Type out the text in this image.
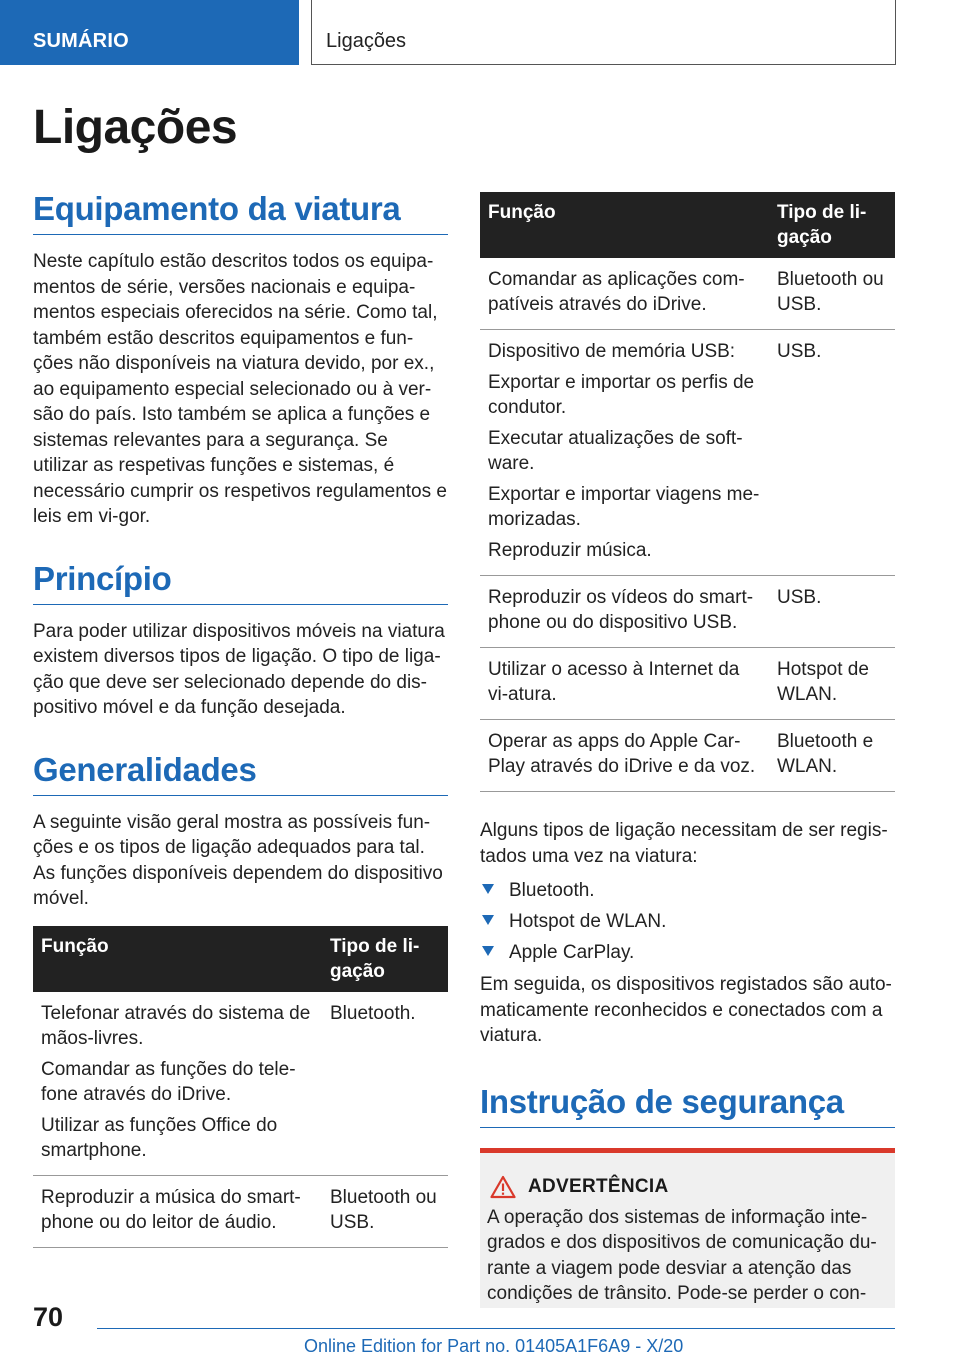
SUMÁRIO	Ligações
Ligações
Equipamento da viatura

Neste capítulo estão descritos todos os equipa-mentos de série, versões nacionais e equipa-mentos especiais oferecidos na série. Como tal, também estão descritos equipamentos e fun-ções não disponíveis na viatura devido, por ex., ao equipamento especial selecionado ou à ver-são do país. Isto também se aplica a funções e sistemas relevantes para a segurança. Se utilizar as respetivas funções e sistemas, é necessário cumprir os respetivos regulamentos e leis em vi-gor.

Princípio

Para poder utilizar dispositivos móveis na viatura existem diversos tipos de ligação. O tipo de liga-ção que deve ser selecionado depende do dis-positivo móvel e da função desejada.

Generalidades

A seguinte visão geral mostra as possíveis fun-ções e os tipos de ligação adequados para tal. As funções disponíveis dependem do dispositivo móvel.

Função	Tipo de li-gação

Telefonar através do sistema de mãos-livres.
Comandar as funções do tele-fone através do iDrive.
Utilizar as funções Office do smartphone.	Bluetooth.

Reproduzir a música do smart-phone ou do leitor de áudio.	Bluetooth ou USB.
Função	Tipo de li-gação

Comandar as aplicações com-patíveis através do iDrive.	Bluetooth ou USB.

Dispositivo de memória USB:
Exportar e importar os perfis de condutor.
Executar atualizações de soft-ware.
Exportar e importar viagens me-morizadas.
Reproduzir música.	USB.

Reproduzir os vídeos do smart-phone ou do dispositivo USB.	USB.

Utilizar o acesso à Internet da vi-atura.	Hotspot de WLAN.

Operar as apps do Apple Car-Play através do iDrive e da voz.	Bluetooth e WLAN.

Alguns tipos de ligação necessitam de ser regis-tados uma vez na viatura:

Bluetooth.
Hotspot de WLAN.
Apple CarPlay.

Em seguida, os dispositivos registados são auto-maticamente reconhecidos e conectados com a viatura.

Instrução de segurança
ADVERTÊNCIA

A operação dos sistemas de informação inte-grados e dos dispositivos de comunicação du-rante a viagem pode desviar a atenção das condições de trânsito. Pode-se perder o con-

70
Online Edition for Part no. 01405A1F6A9 - X/20
